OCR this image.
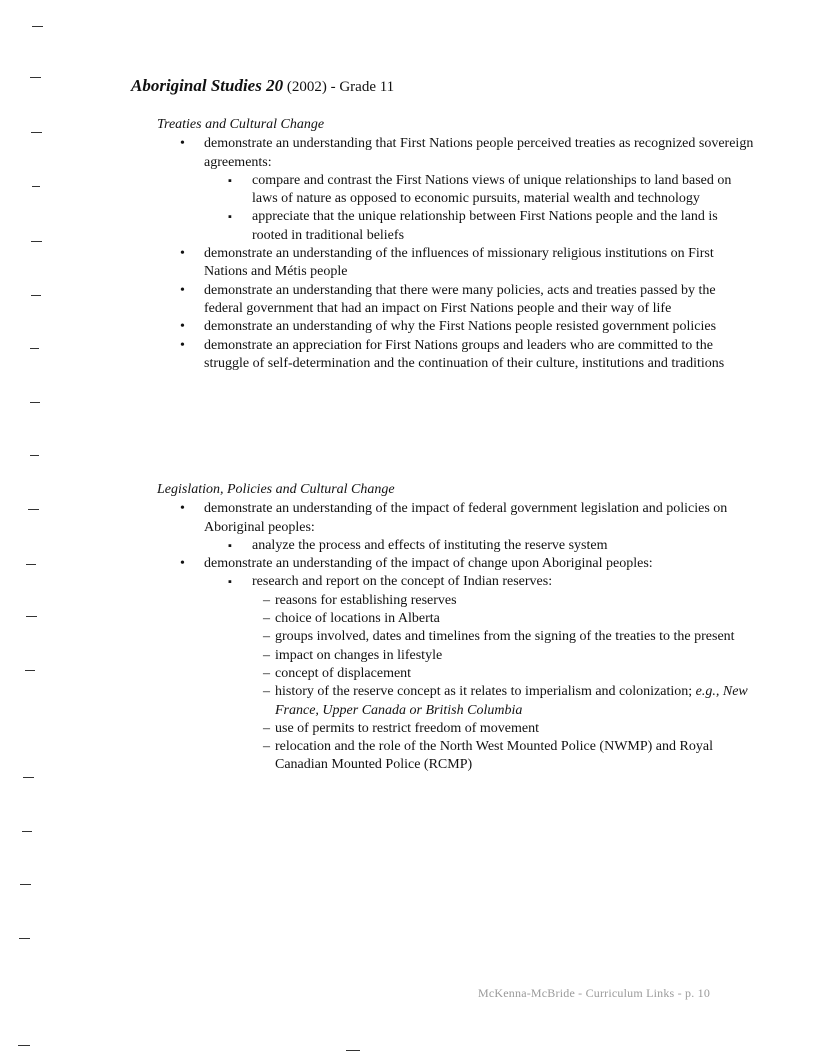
Aboriginal Studies 20 (2002) - Grade 11
Treaties and Cultural Change
• demonstrate an understanding that First Nations people perceived treaties as recognized sovereign agreements:
▪ compare and contrast the First Nations views of unique relationships to land based on laws of nature as opposed to economic pursuits, material wealth and technology
▪ appreciate that the unique relationship between First Nations people and the land is rooted in traditional beliefs
• demonstrate an understanding of the influences of missionary religious institutions on First Nations and Métis people
• demonstrate an understanding that there were many policies, acts and treaties passed by the federal government that had an impact on First Nations people and their way of life
• demonstrate an understanding of why the First Nations people resisted government policies
• demonstrate an appreciation for First Nations groups and leaders who are committed to the struggle of self-determination and the continuation of their culture, institutions and traditions
Legislation, Policies and Cultural Change
• demonstrate an understanding of the impact of federal government legislation and policies on Aboriginal peoples:
▪ analyze the process and effects of instituting the reserve system
• demonstrate an understanding of the impact of change upon Aboriginal peoples:
▪ research and report on the concept of Indian reserves:
– reasons for establishing reserves
– choice of locations in Alberta
– groups involved, dates and timelines from the signing of the treaties to the present
– impact on changes in lifestyle
– concept of displacement
– history of the reserve concept as it relates to imperialism and colonization; e.g., New France, Upper Canada or British Columbia
– use of permits to restrict freedom of movement
– relocation and the role of the North West Mounted Police (NWMP) and Royal Canadian Mounted Police (RCMP)
McKenna-McBride - Curriculum Links - p. 10
